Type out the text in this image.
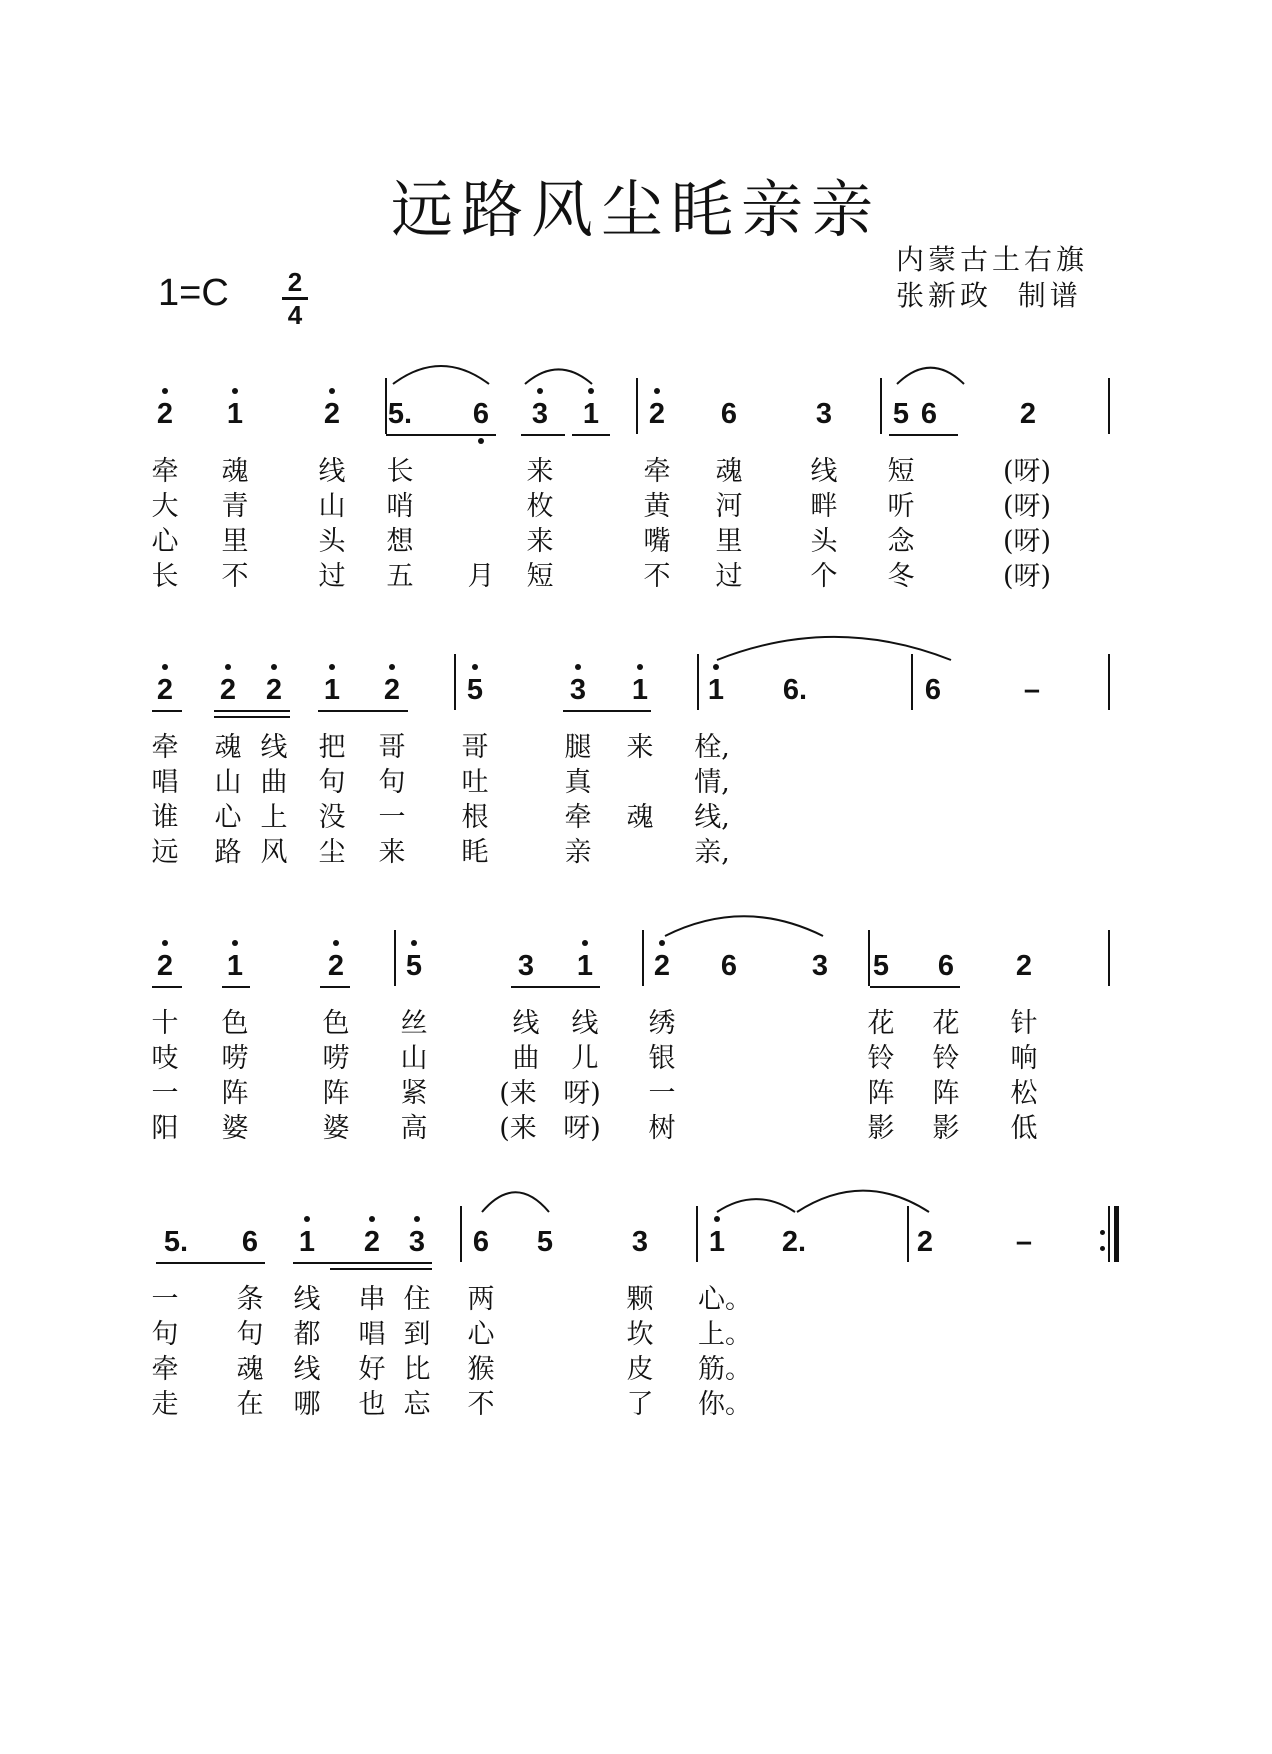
远路风尘眊亲亲
1=C 2
4
内蒙古土右旗
张新政  制谱
2 1	2 5. 6 3 1 2 6	3 5 6	2
牵 魂	线 长	来	牵 魂	线 短	(呀)
大 青	山 哨	枚	黄 河	畔 听	(呀)
心 里	头 想	来	嘴 里	头 念	(呀)
长 不	过 五 月 短	不 过	个 冬	(呀)
2 2 2 1 2 5	3 1 1 6.	6	–
牵 魂 线 把 哥 哥	腿 来 栓,
唱 山 曲 句 句 吐	真	情,
谁 心 上 没 一 根	牵 魂 线,
远 路 风 尘 来 眊	亲	亲,
2 1	2 5	3 1 2 6	3 5 6 2
十 色	色 丝	线 线 绣	花 花 针
吱 唠	唠 山	曲 儿 银	铃 铃 响
一 阵	阵 紧	(来 呀) 一	阵 阵 松
阳 婆	婆 高	(来 呀) 树	影 影 低
5. 6 1 2 3 6 5	3 1 2.	2	–
一 条 线 串 住 两	颗 心。
句 句 都 唱 到 心	坎 上。
牵 魂 线 好 比 猴	皮 筋。
走 在 哪 也 忘 不	了 你。
